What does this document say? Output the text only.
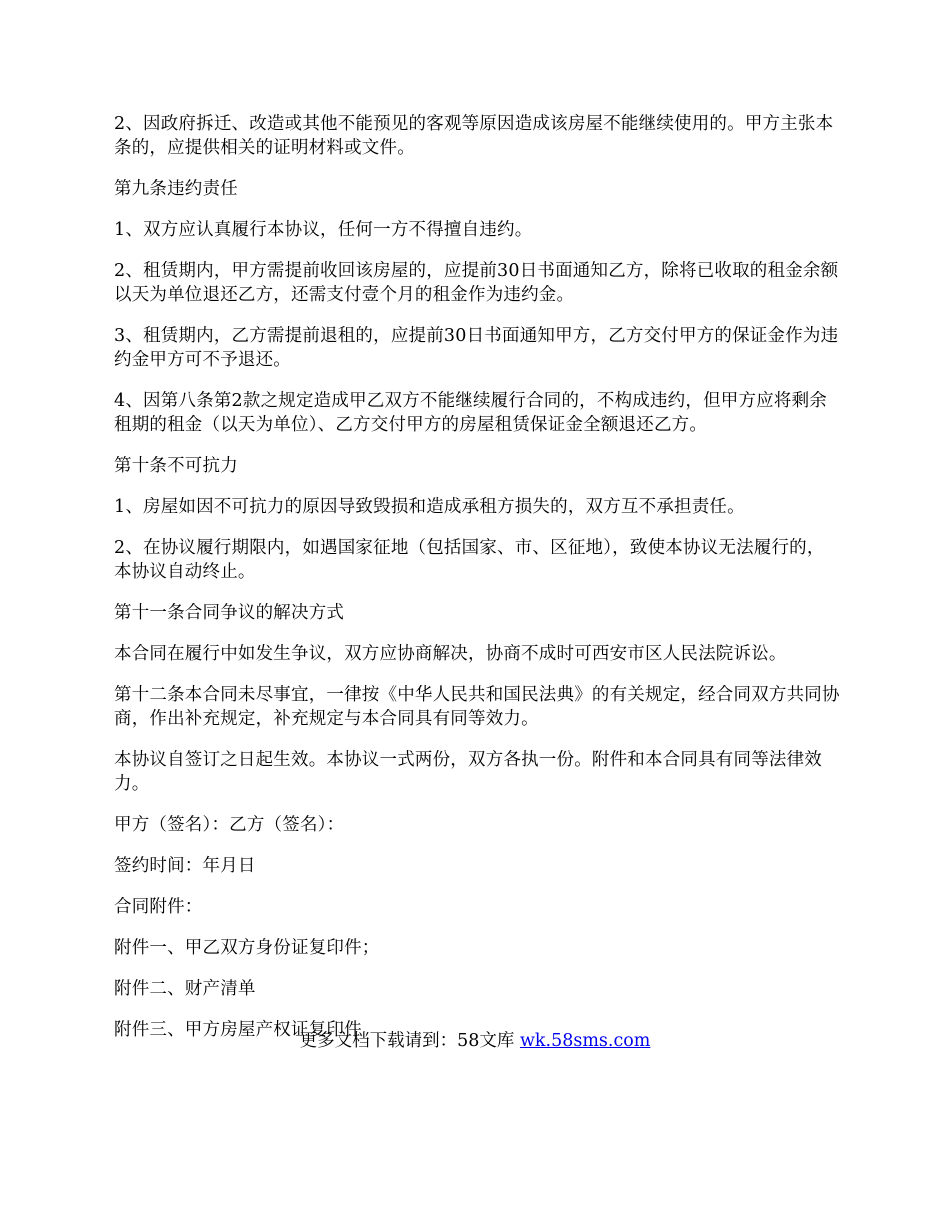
2、因政府拆迁、改造或其他不能预见的客观等原因造成该房屋不能继续使用的。甲方主张本条的，应提供相关的证明材料或文件。

第九条违约责任

1、双方应认真履行本协议，任何一方不得擅自违约。

2、租赁期内，甲方需提前收回该房屋的，应提前30日书面通知乙方，除将已收取的租金余额以天为单位退还乙方，还需支付壹个月的租金作为违约金。

3、租赁期内，乙方需提前退租的，应提前30日书面通知甲方，乙方交付甲方的保证金作为违约金甲方可不予退还。

4、因第八条第2款之规定造成甲乙双方不能继续履行合同的，不构成违约，但甲方应将剩余租期的租金（以天为单位）、乙方交付甲方的房屋租赁保证金全额退还乙方。

第十条不可抗力

1、房屋如因不可抗力的原因导致毁损和造成承租方损失的，双方互不承担责任。

2、在协议履行期限内，如遇国家征地（包括国家、市、区征地），致使本协议无法履行的，本协议自动终止。

第十一条合同争议的解决方式

本合同在履行中如发生争议，双方应协商解决，协商不成时可西安市区人民法院诉讼。

第十二条本合同未尽事宜，一律按《中华人民共和国民法典》的有关规定，经合同双方共同协商，作出补充规定，补充规定与本合同具有同等效力。

本协议自签订之日起生效。本协议一式两份，双方各执一份。附件和本合同具有同等法律效力。

甲方（签名）：乙方（签名）：

签约时间：年月日

合同附件：

附件一、甲乙双方身份证复印件；

附件二、财产清单

附件三、甲方房屋产权证复印件

更多文档下载请到：58文库 wk.58sms.com
